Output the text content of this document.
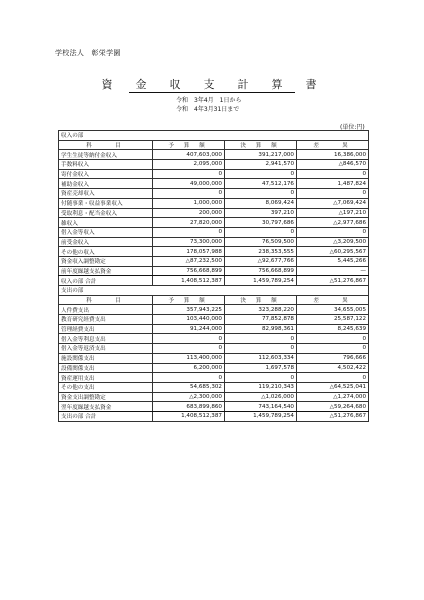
学校法人　彰栄学園
資　金　収　支　計　算　書
令和　3年4月　1日から
令和　4年3月31日まで
(単位:円)
収入の部			
科　　目	予 算 額	決 算 額	差　　異
学生生徒等納付金収入	407,603,000	391,217,000	16,386,000
手数料収入	2,095,000	2,941,570	△846,570
寄付金収入	0	0	0
補助金収入	49,000,000	47,512,176	1,487,824
資産売却収入	0	0	0
付随事業・収益事業収入	1,000,000	8,069,424	△7,069,424
受取利息・配当金収入	200,000	397,210	△197,210
雑収入	27,820,000	30,797,686	△2,977,686
借入金等収入	0	0	0
前受金収入	73,300,000	76,509,500	△3,209,500
その他の収入	178,057,988	238,353,555	△60,295,567
資金収入調整勘定	△87,232,500	△92,677,766	5,445,266
前年度繰越支払資金	756,668,899	756,668,899	—
収入の部 合計	1,408,512,387	1,459,789,254	△51,276,867
支出の部			
科　　目	予 算 額	決 算 額	差　　異
人件費支出	357,943,225	323,288,220	34,655,005
教育研究経費支出	103,440,000	77,852,878	25,587,122
管理経費支出	91,244,000	82,998,361	8,245,639
借入金等利息支出	0	0	0
借入金等返済支出	0	0	0
施設関係支出	113,400,000	112,603,334	796,666
設備関係支出	6,200,000	1,697,578	4,502,422
資産運用支出	0	0	0
その他の支出	54,685,302	119,210,343	△64,525,041
資金支出調整勘定	△2,300,000	△1,026,000	△1,274,000
翌年度繰越支払資金	683,899,860	743,164,540	△59,264,680
支出の部 合計	1,408,512,387	1,459,789,254	△51,276,867
